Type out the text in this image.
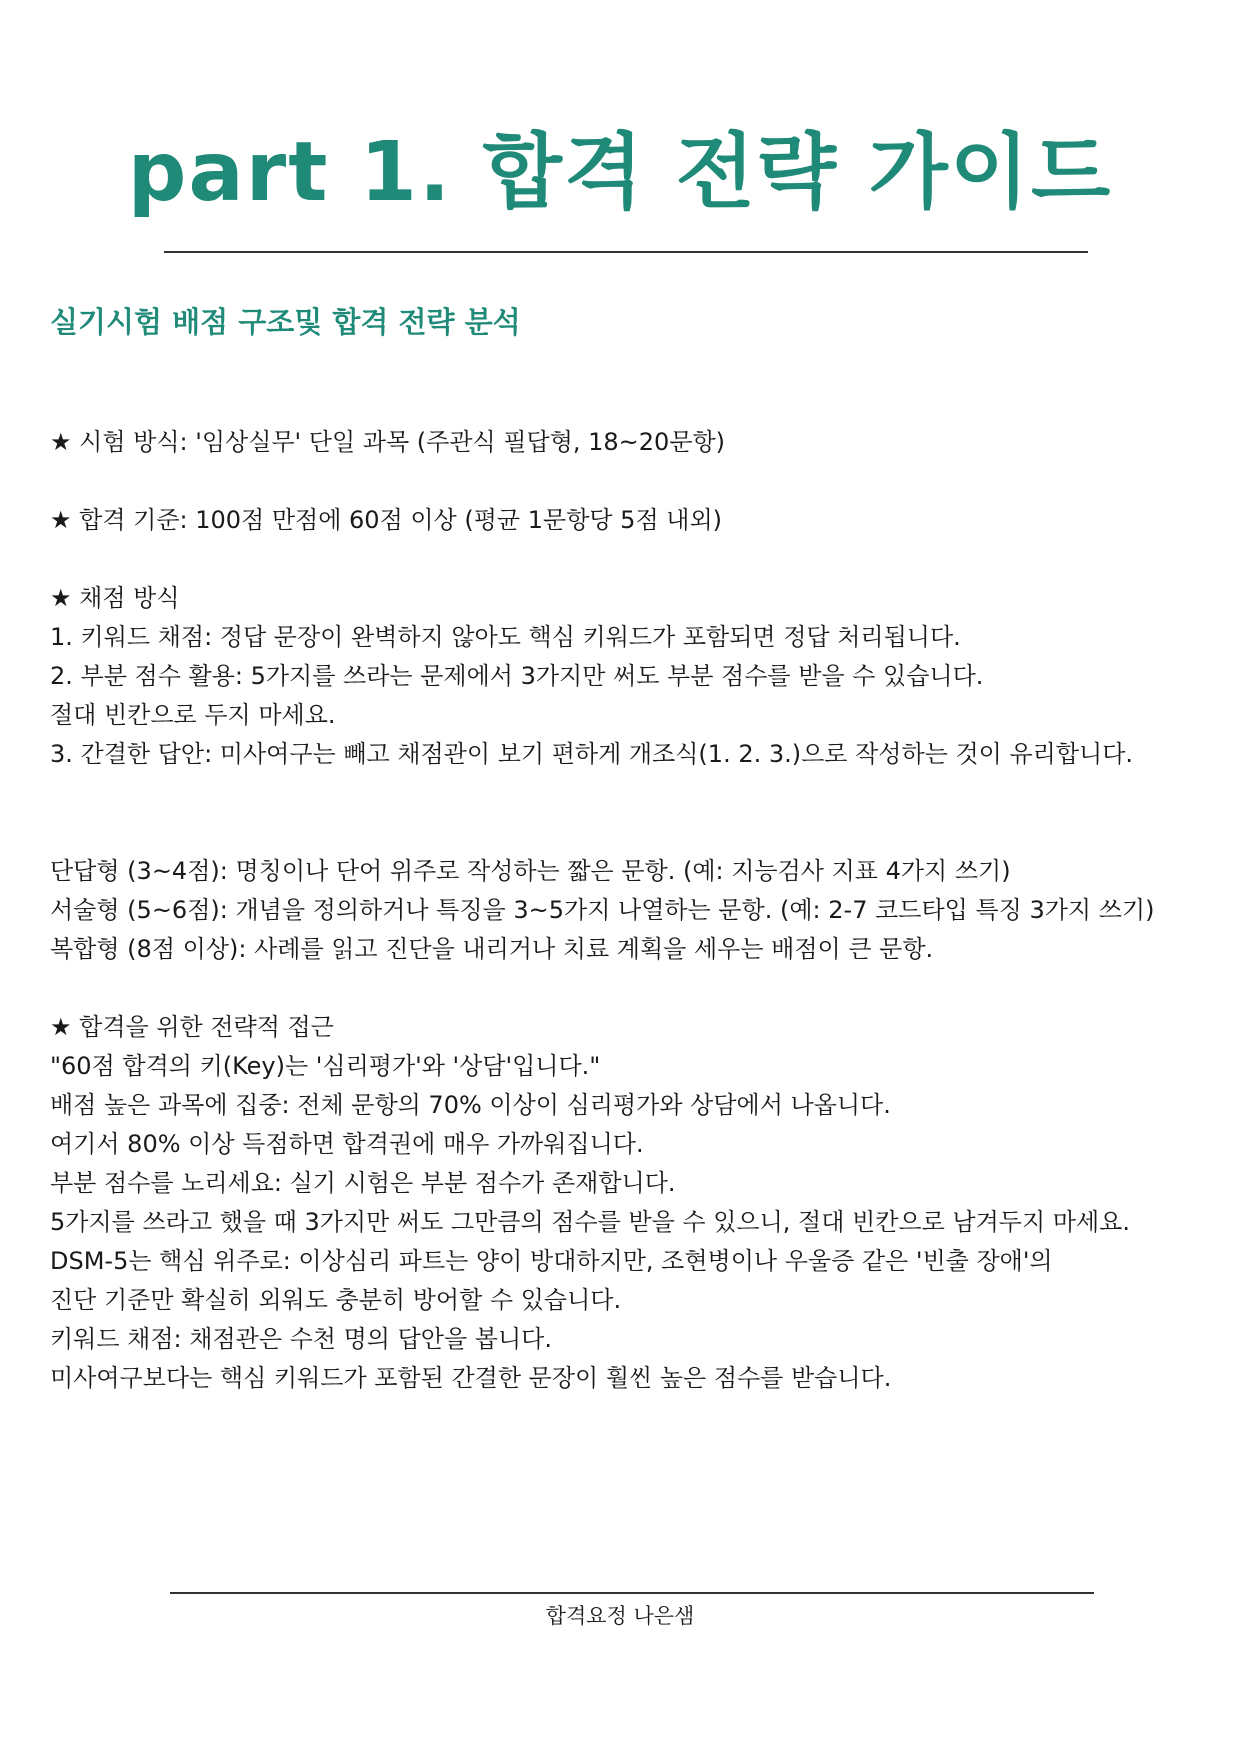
part 1. 합격 전략 가이드
실기시험 배점 구조및 합격 전략 분석
★ 시험 방식: '임상실무' 단일 과목 (주관식 필답형, 18~20문항)
★ 합격 기준: 100점 만점에 60점 이상 (평균 1문항당 5점 내외)
★ 채점 방식
1. 키워드 채점: 정답 문장이 완벽하지 않아도 핵심 키워드가 포함되면 정답 처리됩니다.
2. 부분 점수 활용: 5가지를 쓰라는 문제에서 3가지만 써도 부분 점수를 받을 수 있습니다.
절대 빈칸으로 두지 마세요.
3. 간결한 답안: 미사여구는 빼고 채점관이 보기 편하게 개조식(1. 2. 3.)으로 작성하는 것이 유리합니다.
단답형 (3~4점): 명칭이나 단어 위주로 작성하는 짧은 문항. (예: 지능검사 지표 4가지 쓰기)
서술형 (5~6점): 개념을 정의하거나 특징을 3~5가지 나열하는 문항. (예: 2-7 코드타입 특징 3가지 쓰기)
복합형 (8점 이상): 사례를 읽고 진단을 내리거나 치료 계획을 세우는 배점이 큰 문항.
★ 합격을 위한 전략적 접근
"60점 합격의 키(Key)는 '심리평가'와 '상담'입니다."
배점 높은 과목에 집중: 전체 문항의 70% 이상이 심리평가와 상담에서 나옵니다.
여기서 80% 이상 득점하면 합격권에 매우 가까워집니다.
부분 점수를 노리세요: 실기 시험은 부분 점수가 존재합니다.
5가지를 쓰라고 했을 때 3가지만 써도 그만큼의 점수를 받을 수 있으니, 절대 빈칸으로 남겨두지 마세요.
DSM-5는 핵심 위주로: 이상심리 파트는 양이 방대하지만, 조현병이나 우울증 같은 '빈출 장애'의
진단 기준만 확실히 외워도 충분히 방어할 수 있습니다.
키워드 채점: 채점관은 수천 명의 답안을 봅니다.
미사여구보다는 핵심 키워드가 포함된 간결한 문장이 훨씬 높은 점수를 받습니다.
합격요정 나은샘
